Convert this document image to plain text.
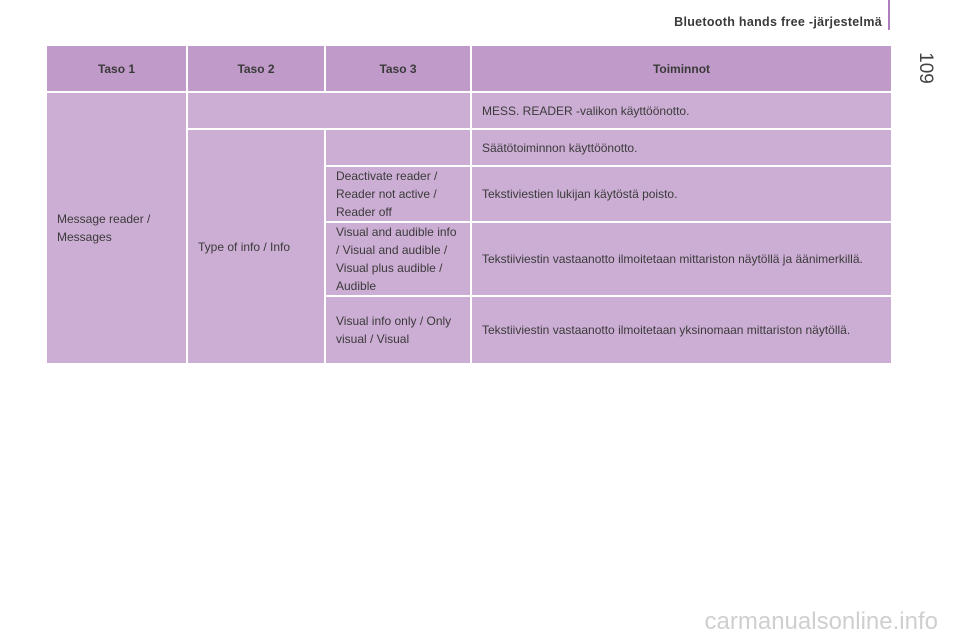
Bluetooth hands free -järjestelmä
109
Taso 1	Taso 2	Taso 3	Toiminnot
Message reader / Messages			MESS. READER -valikon käyttöönotto.
	Type of info / Info		Säätötoiminnon käyttöönotto.
		Deactivate reader / Reader not active / Reader off	Tekstiviestien lukijan käytöstä poisto.
		Visual and audible info / Visual and audible / Visual plus audible / Audible	Tekstiiviestin vastaanotto ilmoitetaan mittariston näytöllä ja äänimerkillä.
		Visual info only / Only visual / Visual	Tekstiiviestin vastaanotto ilmoitetaan yksinomaan mittariston näytöllä.
carmanualsonline.info
